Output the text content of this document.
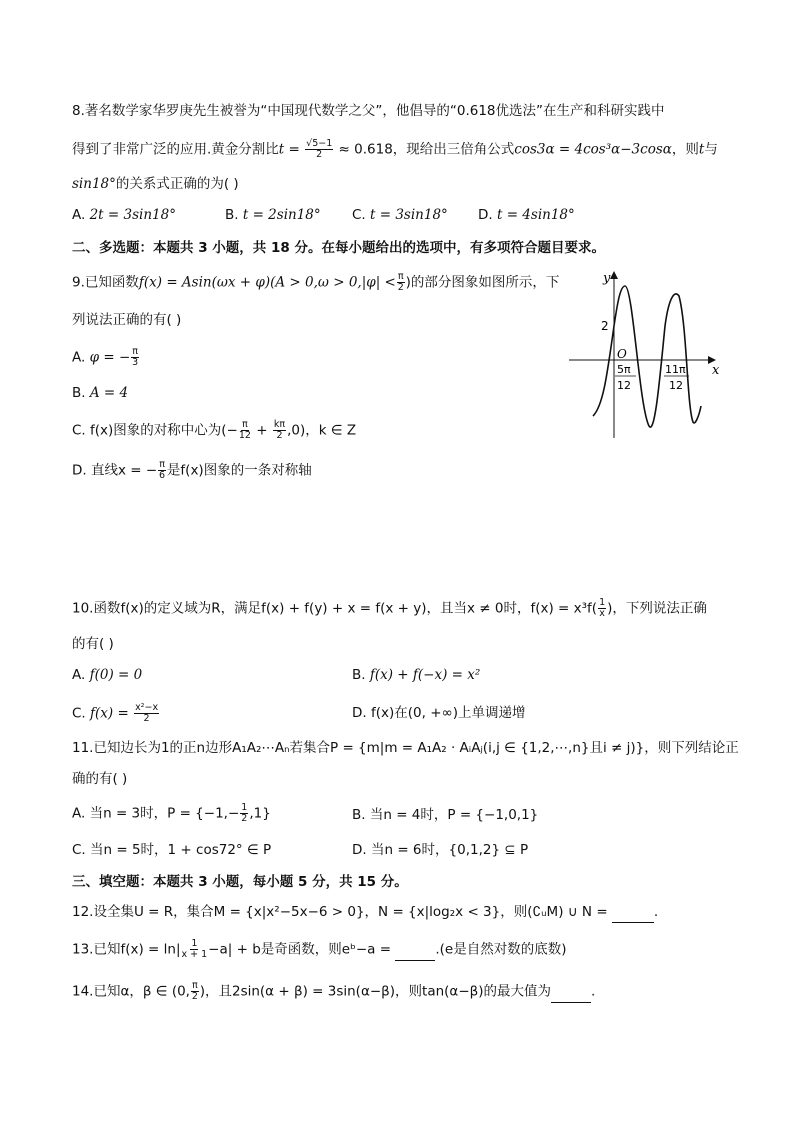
8.著名数学家华罗庚先生被誉为“中国现代数学之父”，他倡导的“0.618优选法”在生产和科研实践中
得到了非常广泛的应用.黄金分割比$t = \frac{√5-1}{2} \approx 0.618$，现给出三倍角公式cos3α = 4cos³α−3cosα，则t与
sin18°的关系式正确的为( )
A. 2t = 3sin18°	B. t = 2sin18° C. t = 3sin18° D. t = 4sin18°
二、多选题：本题共 3 小题，共 18 分。在每小题给出的选项中，有多项符合题目要求。
9.已知函数$f(x) = Asin(\omega x + \varphi)(A > 0,\omega > 0,|\varphi| < \frac{\pi}{2}$ )的部分图象如图所示，下
列说法正确的有( )
A. φ = − $\frac{\pi}{3}$
B. A = 4
C. f(x)图象的对称中心为(− $\frac{\pi}{12} + \frac{k\pi}{2} ,0$)，k ∈ Z
D. 直线x = − $\frac{\pi}{6}$ 是f(x)图象的一条对称轴
y
x
O
2
5π
12
11π
12
10.函数f(x)的定义域为R，满足f(x) + f(y) + x = f(x + y)，且当x ≠ 0时，$f(x) = x^3f( \frac{1}{x}$ )，下列说法正确
的有( )
A. f(0) = 0	B. f(x) + f(−x) = x²
C. $f(x) = \frac{\text{x²−x}}{2}$	D. f(x)在(0, +∞)上单调递增
11.已知边长为1的正n边形A₁A₂⋯Aₙ若集合P = {m|m = A₁A₂ · AᵢAⱼ(i,j ∈ {1,2,⋯,n}且i ≠ j)}，则下列结论正
确的有( )
A. 当n = 3时，$P = \{-1,- \frac{1}{2} ,1\}$	B. 当n = 4时，P = {−1,0,1}
C. 当n = 5时，1 + cos72° ∈ P	D. 当n = 6时，{0,1,2} ⊆ P
三、填空题：本题共 3 小题，每小题 5 分，共 15 分。
12.设全集U = R，集合M = {x|x²−5x−6 > 0}，N = {x|log₂x < 3}，则(∁ᵤM) ∪ N =	.
13.已知$f(x) = \ln| \frac{1}{x + 1} -a| + b$是奇函数，则eᵇ−a =	.(e是自然对数的底数)
14.已知α，β ∈ (0, $\frac{\pi}{2}$ )，且2sin(α + β) = 3sin(α−β)，则tan(α−β)的最大值为	.
